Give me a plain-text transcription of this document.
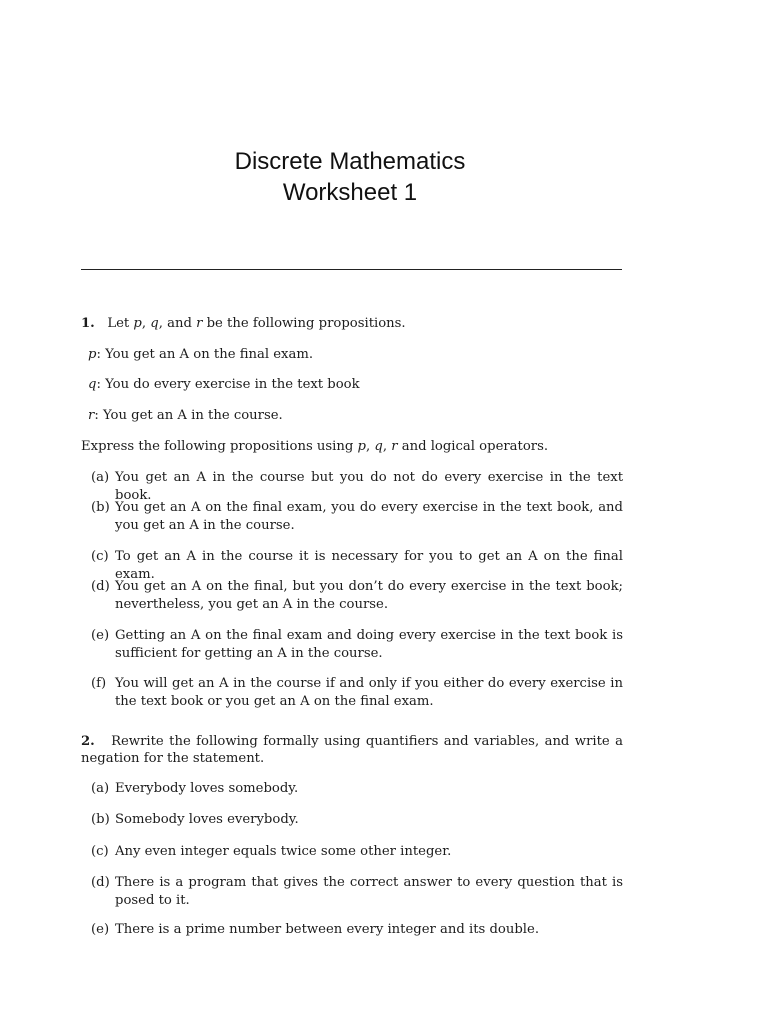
Discrete Mathematics
Worksheet 1
1. Let p, q, and r be the following propositions.
p: You get an A on the final exam.
q: You do every exercise in the text book
r: You get an A in the course.
Express the following propositions using p, q, r and logical operators.
(a) You get an A in the course but you do not do every exercise in the text book.
(b) You get an A on the final exam, you do every exercise in the text book, and you get an A in the course.
(c) To get an A in the course it is necessary for you to get an A on the final exam.
(d) You get an A on the final, but you don’t do every exercise in the text book; nevertheless, you get an A in the course.
(e) Getting an A on the final exam and doing every exercise in the text book is sufficient for getting an A in the course.
(f) You will get an A in the course if and only if you either do every exercise in the text book or you get an A on the final exam.
2. Rewrite the following formally using quantifiers and variables, and write a negation for the statement.
(a) Everybody loves somebody.
(b) Somebody loves everybody.
(c) Any even integer equals twice some other integer.
(d) There is a program that gives the correct answer to every question that is posed to it.
(e) There is a prime number between every integer and its double.
